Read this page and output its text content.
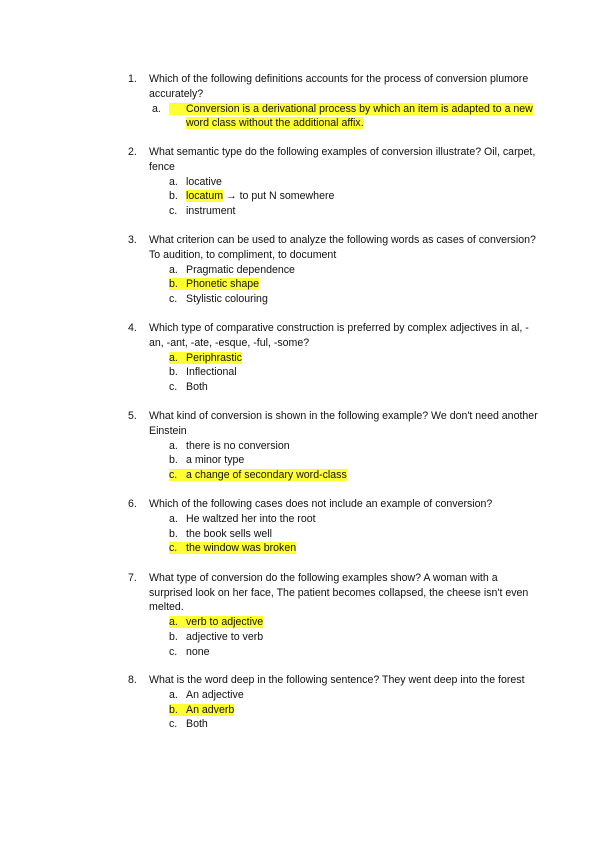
1.	Which of the following definitions accounts for the process of conversion plumore accurately?
a. Conversion is a derivational process by which an item is adapted to a new word class without the additional affix.
2.	What semantic type do the following examples of conversion illustrate? Oil, carpet, fence
a. locative
b. locatum → to put N somewhere
c. instrument
3.	What criterion can be used to analyze the following words as cases of conversion? To audition, to compliment, to document
a. Pragmatic dependence
b. Phonetic shape
c. Stylistic colouring
4.	Which type of comparative construction is preferred by complex adjectives in al, -an, -ant, -ate, -esque, -ful, -some?
a. Periphrastic
b. Inflectional
c. Both
5.	What kind of conversion is shown in the following example? We don't need another Einstein
a. there is no conversion
b. a minor type
c. a change of secondary word-class
6.	Which of the following cases does not include an example of conversion?
a. He waltzed her into the root
b. the book sells well
c. the window was broken
7.	What type of conversion do the following examples show? A woman with a surprised look on her face, The patient becomes collapsed, the cheese isn't even melted.
a. verb to adjective
b. adjective to verb
c. none
8.	What is the word deep in the following sentence? They went deep into the forest
a. An adjective
b. An adverb
c. Both
